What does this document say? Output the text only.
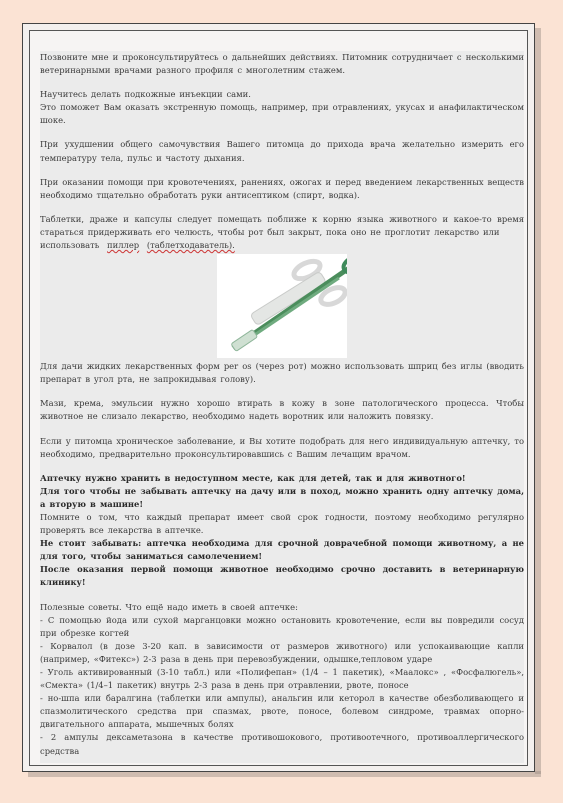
Позвоните мне и проконсультируйтесь о дальнейших действиях. Питомник сотрудничает с несколькими ветеринарными врачами разного профиля с многолетним стажем.

Научитесь делать подкожные инъекции сами.

Это поможет Вам оказать экстренную помощь, например, при отравлениях, укусах и анафилактическом шоке.

При ухудшении общего самочувствия Вашего питомца до прихода врача желательно измерить его температуру тела, пульс и частоту дыхания.

При оказании помощи при кровотечениях, ранениях, ожогах и перед введением лекарственных веществ необходимо тщательно обработать руки антисептиком (спирт, водка).

Таблетки, драже и капсулы следует помещать поближе к корню языка животного и какое-то время стараться придерживать его челюсть, чтобы рот был закрыт, пока оно не проглотит лекарство или
использовать пиллер (таблетходаватель).

Для дачи жидких лекарственных форм per os (через рот) можно использовать шприц без иглы (вводить препарат в угол рта, не запрокидывая голову).

Мази, крема, эмульсии нужно хорошо втирать в кожу в зоне патологического процесса. Чтобы животное не слизало лекарство, необходимо надеть воротник или наложить повязку.

Если у питомца хроническое заболевание, и Вы хотите подобрать для него индивидуальную аптечку, то необходимо, предварительно проконсультировавшись с Вашим лечащим врачом.

Аптечку нужно хранить в недоступном месте, как для детей, так и для животного!

Для того чтобы не забывать аптечку на дачу или в поход, можно хранить одну аптечку дома, а вторую в машине!

Помните о том, что каждый препарат имеет свой срок годности, поэтому необходимо регулярно проверять все лекарства в аптечке.

Не стоит забывать: аптечка необходима для срочной доврачебной помощи животному, а не для того, чтобы заниматься самолечением!

После оказания первой помощи животное необходимо срочно доставить в ветеринарную клинику!

Полезные советы. Что ещё надо иметь в своей аптечке:

- С помощью йода или сухой марганцовки можно остановить кровотечение, если вы повредили сосуд при обрезке когтей

- Корвалол (в дозе 3-20 кап. в зависимости от размеров животного) или успокаивающие капли (например, «Фитекс») 2-3 раза в день при перевозбуждении, одышке,тепловом ударе

- Уголь активированный (3-10 табл.) или «Полифепан» (1/4 – 1 пакетик), «Маалокс» , «Фосфалюгель», «Смекта» (1/4–1 пакетик) внутрь 2-3 раза в день при отравлении, рвоте, поносе

- но-шпа или баралгина (таблетки или ампулы), анальгин или кеторол в качестве обезболивающего и спазмолитического средства при спазмах, рвоте, поносе, болевом синдроме, травмах опорно-двигательного аппарата, мышечных болях

- 2 ампулы дексаметазона в качестве противошокового, противоотечного, противоаллергического средства
